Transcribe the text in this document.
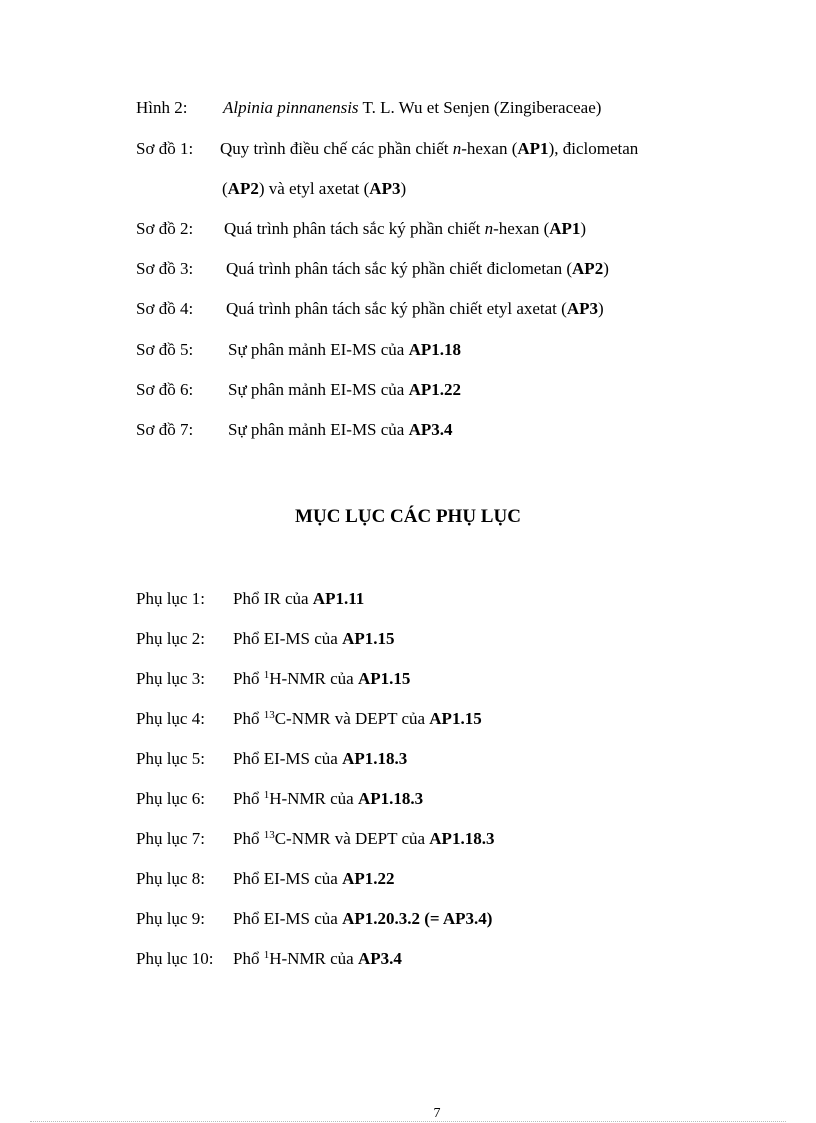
Hình 2: Alpinia pinnanensis T. L. Wu et Senjen (Zingiberaceae)
Sơ đồ 1: Quy trình điều chế các phần chiết n-hexan (AP1), điclometan
(AP2) và etyl axetat (AP3)
Sơ đồ 2: Quá trình phân tách sắc ký phần chiết n-hexan (AP1)
Sơ đồ 3: Quá trình phân tách sắc ký phần chiết điclometan (AP2)
Sơ đồ 4: Quá trình phân tách sắc ký phần chiết etyl axetat (AP3)
Sơ đồ 5: Sự phân mảnh EI-MS của AP1.18
Sơ đồ 6: Sự phân mảnh EI-MS của AP1.22
Sơ đồ 7: Sự phân mảnh EI-MS của AP3.4
MỤC LỤC CÁC PHỤ LỤC
Phụ lục 1: Phổ IR của AP1.11
Phụ lục 2: Phổ EI-MS của AP1.15
Phụ lục 3: Phổ $^1$H-NMR của AP1.15
Phụ lục 4: Phổ $^{13}$C-NMR và DEPT của AP1.15
Phụ lục 5: Phổ EI-MS của AP1.18.3
Phụ lục 6: Phổ $^1$H-NMR của AP1.18.3
Phụ lục 7: Phổ $^{13}$C-NMR và DEPT của AP1.18.3
Phụ lục 8: Phổ EI-MS của AP1.22
Phụ lục 9: Phổ EI-MS của AP1.20.3.2 (= AP3.4)
Phụ lục 10: Phổ $^1$H-NMR của AP3.4
7
